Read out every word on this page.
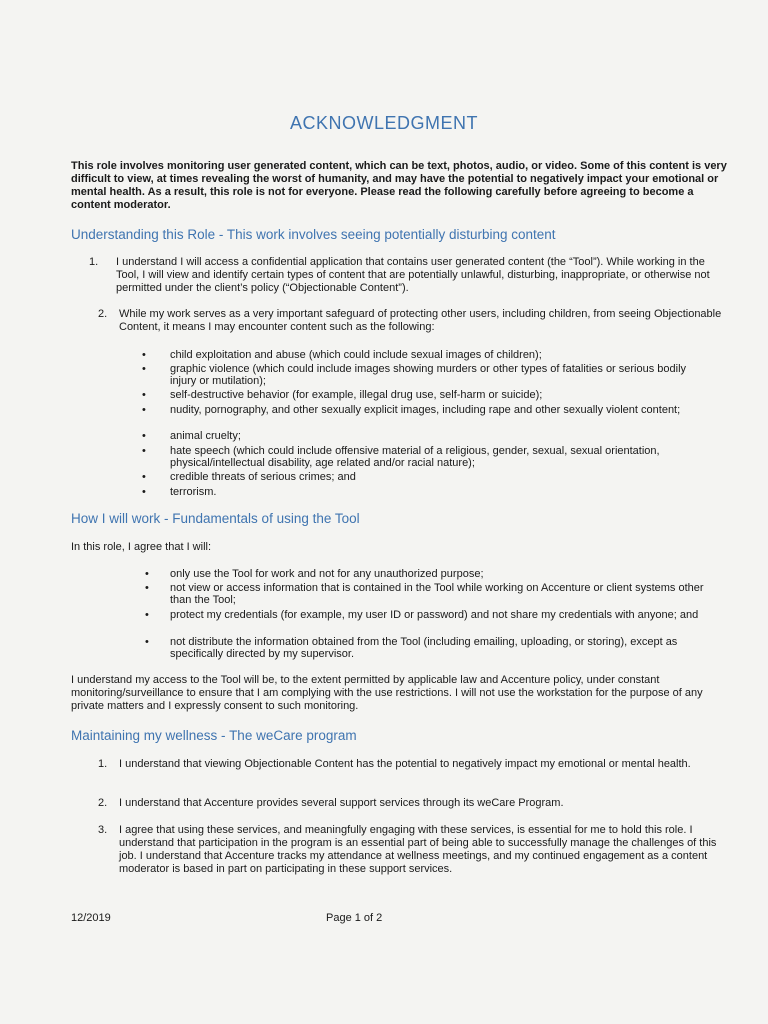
ACKNOWLEDGMENT
This role involves monitoring user generated content, which can be text, photos, audio, or video. Some of this content is very difficult to view, at times revealing the worst of humanity, and may have the potential to negatively impact your emotional or mental health. As a result, this role is not for everyone. Please read the following carefully before agreeing to become a content moderator.
Understanding this Role - This work involves seeing potentially disturbing content
1. I understand I will access a confidential application that contains user generated content (the “Tool”). While working in the Tool, I will view and identify certain types of content that are potentially unlawful, disturbing, inappropriate, or otherwise not permitted under the client’s policy (“Objectionable Content”).
2. While my work serves as a very important safeguard of protecting other users, including children, from seeing Objectionable Content, it means I may encounter content such as the following:
• child exploitation and abuse (which could include sexual images of children);
• graphic violence (which could include images showing murders or other types of fatalities or serious bodily injury or mutilation);
• self-destructive behavior (for example, illegal drug use, self-harm or suicide);
• nudity, pornography, and other sexually explicit images, including rape and other sexually violent content;
• animal cruelty;
• hate speech (which could include offensive material of a religious, gender, sexual, sexual orientation, physical/intellectual disability, age related and/or racial nature);
• credible threats of serious crimes; and
• terrorism.
How I will work - Fundamentals of using the Tool
In this role, I agree that I will:
• only use the Tool for work and not for any unauthorized purpose;
• not view or access information that is contained in the Tool while working on Accenture or client systems other than the Tool;
• protect my credentials (for example, my user ID or password) and not share my credentials with anyone; and
• not distribute the information obtained from the Tool (including emailing, uploading, or storing), except as specifically directed by my supervisor.
I understand my access to the Tool will be, to the extent permitted by applicable law and Accenture policy, under constant monitoring/surveillance to ensure that I am complying with the use restrictions. I will not use the workstation for the purpose of any private matters and I expressly consent to such monitoring.
Maintaining my wellness - The weCare program
1. I understand that viewing Objectionable Content has the potential to negatively impact my emotional or mental health.
2. I understand that Accenture provides several support services through its weCare Program.
3. I agree that using these services, and meaningfully engaging with these services, is essential for me to hold this role. I understand that participation in the program is an essential part of being able to successfully manage the challenges of this job. I understand that Accenture tracks my attendance at wellness meetings, and my continued engagement as a content moderator is based in part on participating in these support services.
12/2019	Page 1 of 2
